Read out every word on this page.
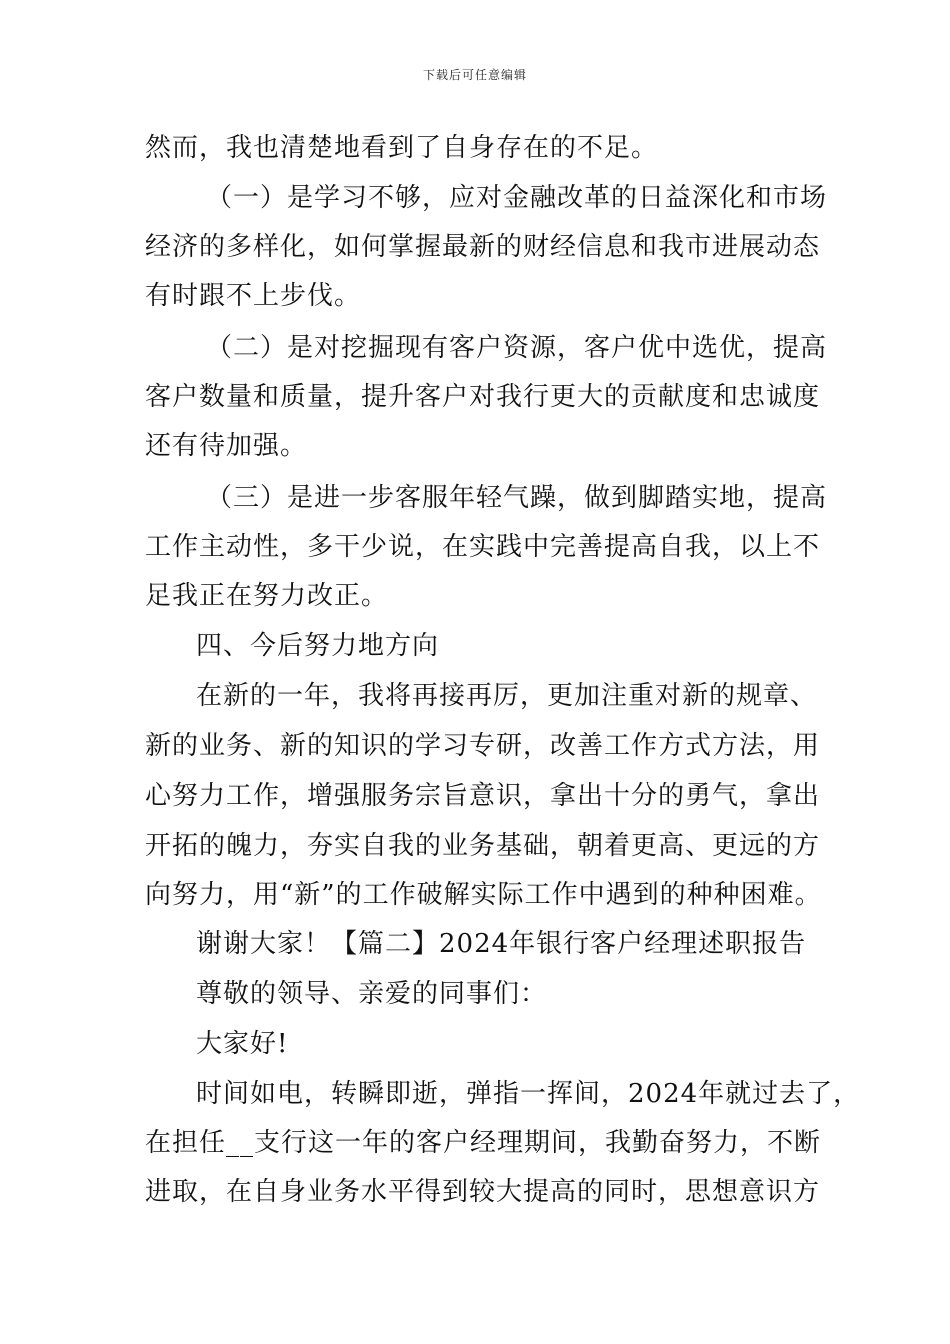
下载后可任意编辑
然而，我也清楚地看到了自身存在的不足。
（一）是学习不够，应对金融改革的日益深化和市场
经济的多样化，如何掌握最新的财经信息和我市进展动态
有时跟不上步伐。
（二）是对挖掘现有客户资源，客户优中选优，提高
客户数量和质量，提升客户对我行更大的贡献度和忠诚度
还有待加强。
（三）是进一步客服年轻气躁，做到脚踏实地，提高
工作主动性，多干少说，在实践中完善提高自我，以上不
足我正在努力改正。
四、今后努力地方向
在新的一年，我将再接再厉，更加注重对新的规章、
新的业务、新的知识的学习专研，改善工作方式方法，用
心努力工作，增强服务宗旨意识，拿出十分的勇气，拿出
开拓的魄力，夯实自我的业务基础，朝着更高、更远的方
向努力，用“新”的工作破解实际工作中遇到的种种困难。
谢谢大家！【篇二】2024年银行客户经理述职报告
尊敬的领导、亲爱的同事们：
大家好!
时间如电，转瞬即逝，弹指一挥间，2024年就过去了，
在担任__支行这一年的客户经理期间，我勤奋努力，不断
进取，在自身业务水平得到较大提高的同时，思想意识方
